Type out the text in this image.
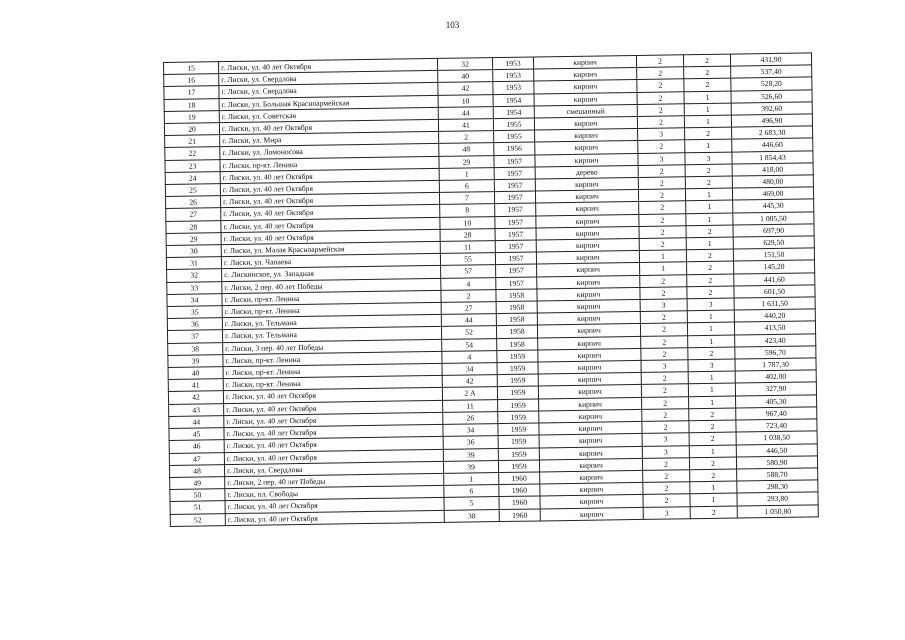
103
15	г. Лиски, ул. 40 лет Октября	32	1953	кирпич	2	2	431,90
16	г. Лиски, ул. Свердлова	40	1953	кирпич	2	2	537,40
17	г. Лиски, ул. Свердлова	42	1953	кирпич	2	2	528,20
18	г. Лиски, ул. Большая Красноармейская	10	1954	кирпич	2	1	526,60
19	г. Лиски, ул. Советская	44	1954	смешанный	2	1	392,60
20	г. Лиски, ул. 40 лет Октября	41	1955	кирпич	2	1	496,90
21	г. Лиски, ул. Мира	2	1955	кирпич	3	2	2 683,30
22	г. Лиски, ул. Ломоносова	48	1956	кирпич	2	1	446,60
23	г. Лиски, пр-кт. Ленина	29	1957	кирпич	3	3	1 854,43
24	г. Лиски, ул. 40 лет Октября	1	1957	дерево	2	2	418,00
25	г. Лиски, ул. 40 лет Октября	6	1957	кирпич	2	2	480,00
26	г. Лиски, ул. 40 лет Октября	7	1957	кирпич	2	1	469,00
27	г. Лиски, ул. 40 лет Октября	8	1957	кирпич	2	1	445,30
28	г. Лиски, ул. 40 лет Октября	10	1957	кирпич	2	1	1 005,50
29	г. Лиски, ул. 40 лет Октября	28	1957	кирпич	2	2	697,90
30	г. Лиски, ул. Малая Красноармейская	11	1957	кирпич	2	1	629,50
31	г. Лиски, ул. Чапаева	55	1957	кирпич	1	2	151,50
32	с. Лискинское, ул. Западная	57	1957	кирпич	1	2	145,20
33	г. Лиски, 2 пер. 40 лет Победы	4	1957	кирпич	2	2	441,60
34	г. Лиски, пр-кт. Ленина	2	1958	кирпич	2	2	601,50
35	г. Лиски, пр-кт. Ленина	27	1958	кирпич	3	3	1 631,50
36	г. Лиски, ул. Тельмана	44	1958	кирпич	2	1	440,20
37	г. Лиски, ул. Тельмана	52	1958	кирпич	2	1	413,50
38	г. Лиски, 3 пер. 40 лет Победы	54	1958	кирпич	2	1	423,40
39	г. Лиски, пр-кт. Ленина	4	1959	кирпич	2	2	596,70
40	г. Лиски, пр-кт. Ленина	34	1959	кирпич	3	3	1 787,30
41	г. Лиски, пр-кт. Ленина	42	1959	кирпич	2	1	402,00
42	г. Лиски, ул. 40 лет Октября	2 А	1959	кирпич	2	1	327,90
43	г. Лиски, ул. 40 лет Октября	11	1959	кирпич	2	1	405,30
44	г. Лиски, ул. 40 лет Октября	26	1959	кирпич	2	2	967,40
45	г. Лиски, ул. 40 лет Октября	34	1959	кирпич	2	2	723,40
46	г. Лиски, ул. 40 лет Октября	36	1959	кирпич	3	2	1 038,50
47	г. Лиски, ул. 40 лет Октября	39	1959	кирпич	3	1	446,50
48	г. Лиски, ул. Свердлова	39	1959	кирпич	2	2	580,90
49	г. Лиски, 2 пер. 40 лет Победы	1	1960	кирпич	2	2	588,70
50	г. Лиски, пл. Свободы	6	1960	кирпич	2	1	298,30
51	г. Лиски, ул. 40 лет Октября	5	1960	кирпич	2	1	293,80
52	г. Лиски, ул. 40 лет Октября	38	1960	кирпич	3	2	1 050,80
